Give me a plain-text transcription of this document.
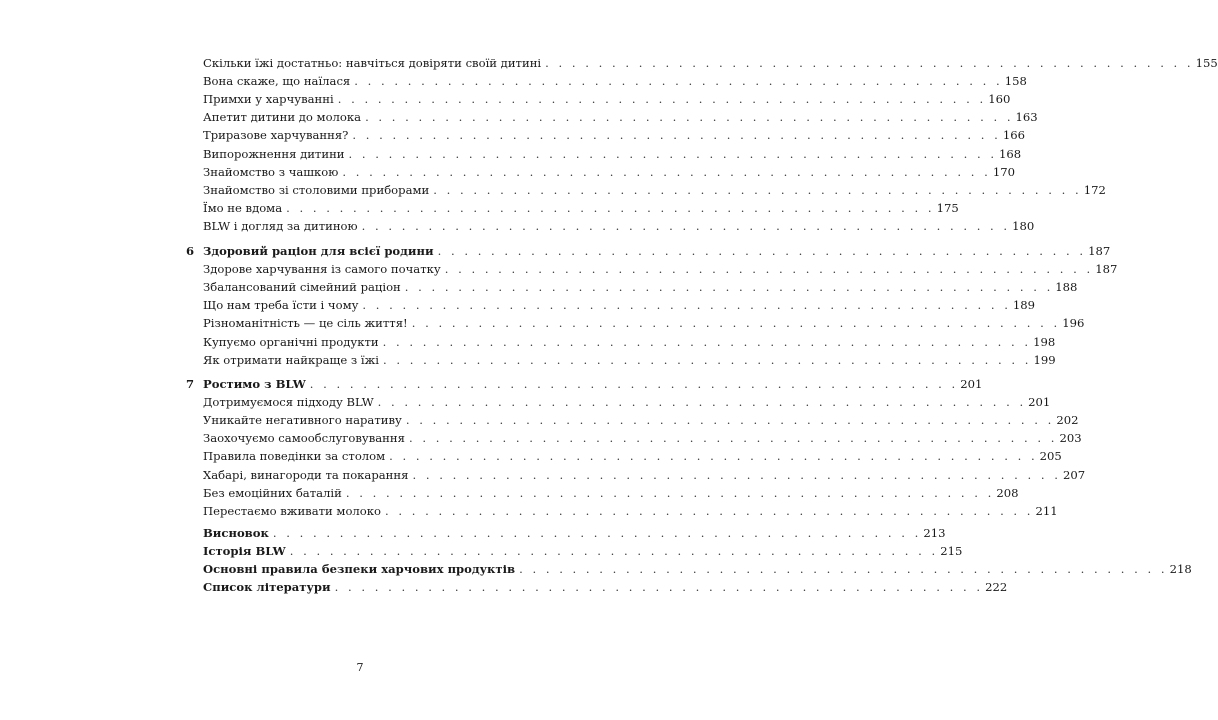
Скільки їжі достатньо: навчіться довіряти своїй дитині . . . . . . . . . . . . . . . . . . . . . . . . . . . . . . . . . . . . . . . . . . . . . . . . . 155
Вона скаже, що наїлася . . . . . . . . . . . . . . . . . . . . . . . . . . . . . . . . . . . . . . . . . . . . . . . . . 158
Примхи у харчуванні . . . . . . . . . . . . . . . . . . . . . . . . . . . . . . . . . . . . . . . . . . . . . . . . . 160
Апетит дитини до молока . . . . . . . . . . . . . . . . . . . . . . . . . . . . . . . . . . . . . . . . . . . . . . . . . 163
Триразове харчування? . . . . . . . . . . . . . . . . . . . . . . . . . . . . . . . . . . . . . . . . . . . . . . . . . 166
Випорожнення дитини . . . . . . . . . . . . . . . . . . . . . . . . . . . . . . . . . . . . . . . . . . . . . . . . . 168
Знайомство з чашкою . . . . . . . . . . . . . . . . . . . . . . . . . . . . . . . . . . . . . . . . . . . . . . . . . 170
Знайомство зі столовими приборами . . . . . . . . . . . . . . . . . . . . . . . . . . . . . . . . . . . . . . . . . . . . . . . . . 172
Їмо не вдома . . . . . . . . . . . . . . . . . . . . . . . . . . . . . . . . . . . . . . . . . . . . . . . . . 175
BLW і догляд за дитиною . . . . . . . . . . . . . . . . . . . . . . . . . . . . . . . . . . . . . . . . . . . . . . . . . 180
6 Здоровий раціон для всієї родини . . . . . . . . . . . . . . . . . . . . . . . . . . . . . . . . . . . . . . . . . . . . . . . . . 187
Здорове харчування із самого початку . . . . . . . . . . . . . . . . . . . . . . . . . . . . . . . . . . . . . . . . . . . . . . . . . 187
Збалансований сімейний раціон . . . . . . . . . . . . . . . . . . . . . . . . . . . . . . . . . . . . . . . . . . . . . . . . . 188
Що нам треба їсти і чому . . . . . . . . . . . . . . . . . . . . . . . . . . . . . . . . . . . . . . . . . . . . . . . . . 189
Різноманітність — це сіль життя! . . . . . . . . . . . . . . . . . . . . . . . . . . . . . . . . . . . . . . . . . . . . . . . . . 196
Купуємо органічні продукти . . . . . . . . . . . . . . . . . . . . . . . . . . . . . . . . . . . . . . . . . . . . . . . . . 198
Як отримати найкраще з їжі . . . . . . . . . . . . . . . . . . . . . . . . . . . . . . . . . . . . . . . . . . . . . . . . . 199
7 Ростимо з BLW . . . . . . . . . . . . . . . . . . . . . . . . . . . . . . . . . . . . . . . . . . . . . . . . . 201
Дотримуємося підходу BLW . . . . . . . . . . . . . . . . . . . . . . . . . . . . . . . . . . . . . . . . . . . . . . . . . 201
Уникайте негативного наративу . . . . . . . . . . . . . . . . . . . . . . . . . . . . . . . . . . . . . . . . . . . . . . . . . 202
Заохочуємо самообслуговування . . . . . . . . . . . . . . . . . . . . . . . . . . . . . . . . . . . . . . . . . . . . . . . . . 203
Правила поведінки за столом . . . . . . . . . . . . . . . . . . . . . . . . . . . . . . . . . . . . . . . . . . . . . . . . . 205
Хабарі, винагороди та покарання . . . . . . . . . . . . . . . . . . . . . . . . . . . . . . . . . . . . . . . . . . . . . . . . . 207
Без емоційних баталій . . . . . . . . . . . . . . . . . . . . . . . . . . . . . . . . . . . . . . . . . . . . . . . . . 208
Перестаємо вживати молоко . . . . . . . . . . . . . . . . . . . . . . . . . . . . . . . . . . . . . . . . . . . . . . . . . 211
Висновок . . . . . . . . . . . . . . . . . . . . . . . . . . . . . . . . . . . . . . . . . . . . . . . . . 213
Історія BLW . . . . . . . . . . . . . . . . . . . . . . . . . . . . . . . . . . . . . . . . . . . . . . . . . 215
Основні правила безпеки харчових продуктів . . . . . . . . . . . . . . . . . . . . . . . . . . . . . . . . . . . . . . . . . . . . . . . . . 218
Список літератури . . . . . . . . . . . . . . . . . . . . . . . . . . . . . . . . . . . . . . . . . . . . . . . . . 222
7
